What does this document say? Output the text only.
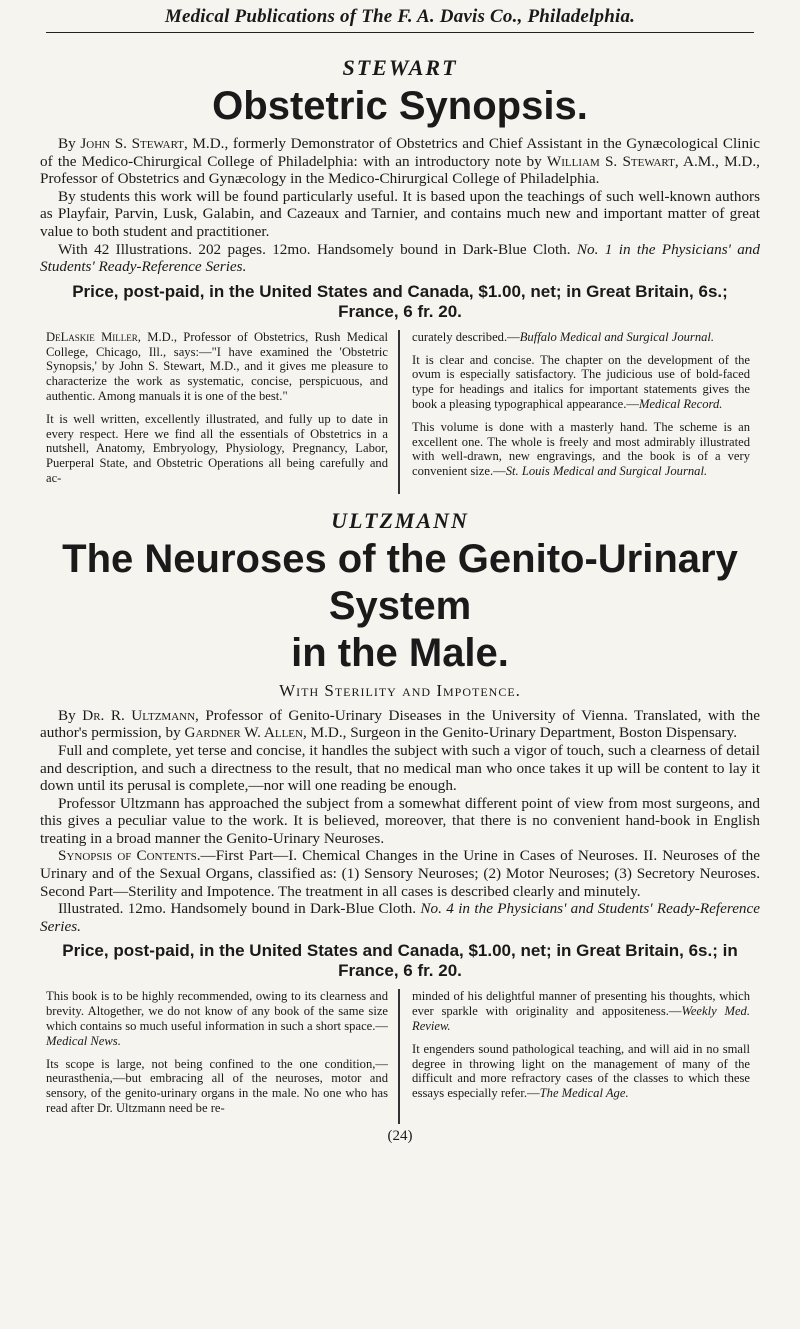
Medical Publications of The F. A. Davis Co., Philadelphia.
STEWART
Obstetric Synopsis.

By John S. Stewart, M.D., formerly Demonstrator of Obstetrics and Chief Assistant in the Gynæcological Clinic of the Medico-Chirurgical College of Philadelphia: with an introductory note by William S. Stewart, A.M., M.D., Professor of Obstetrics and Gynæcology in the Medico-Chirurgical College of Philadelphia.

By students this work will be found particularly useful. It is based upon the teachings of such well-known authors as Playfair, Parvin, Lusk, Galabin, and Cazeaux and Tarnier, and contains much new and important matter of great value to both student and practitioner.

With 42 Illustrations. 202 pages. 12mo. Handsomely bound in Dark-Blue Cloth. No. 1 in the Physicians' and Students' Ready-Reference Series.

Price, post-paid, in the United States and Canada, $1.00, net; in Great Britain, 6s.; France, 6 fr. 20.

DeLaskie Miller, M.D., Professor of Obstetrics, Rush Medical College, Chicago, Ill., says:—"I have examined the 'Obstetric Synopsis,' by John S. Stewart, M.D., and it gives me pleasure to characterize the work as systematic, concise, perspicuous, and authentic. Among manuals it is one of the best."

It is well written, excellently illustrated, and fully up to date in every respect. Here we find all the essentials of Obstetrics in a nutshell, Anatomy, Embryology, Physiology, Pregnancy, Labor, Puerperal State, and Obstetric Operations all being carefully and ac-

curately described.—Buffalo Medical and Surgical Journal.

It is clear and concise. The chapter on the development of the ovum is especially satisfactory. The judicious use of bold-faced type for headings and italics for important statements gives the book a pleasing typographical appearance.—Medical Record.

This volume is done with a masterly hand. The scheme is an excellent one. The whole is freely and most admirably illustrated with well-drawn, new engravings, and the book is of a very convenient size.—St. Louis Medical and Surgical Journal.

ULTZMANN
The Neuroses of the Genito-Urinary System
in the Male.
With Sterility and Impotence.

By Dr. R. Ultzmann, Professor of Genito-Urinary Diseases in the University of Vienna. Translated, with the author's permission, by Gardner W. Allen, M.D., Surgeon in the Genito-Urinary Department, Boston Dispensary.

Full and complete, yet terse and concise, it handles the subject with such a vigor of touch, such a clearness of detail and description, and such a directness to the result, that no medical man who once takes it up will be content to lay it down until its perusal is complete,—nor will one reading be enough.

Professor Ultzmann has approached the subject from a somewhat different point of view from most surgeons, and this gives a peculiar value to the work. It is believed, moreover, that there is no convenient hand-book in English treating in a broad manner the Genito-Urinary Neuroses.

Synopsis of Contents.—First Part—I. Chemical Changes in the Urine in Cases of Neuroses. II. Neuroses of the Urinary and of the Sexual Organs, classified as: (1) Sensory Neuroses; (2) Motor Neuroses; (3) Secretory Neuroses. Second Part—Sterility and Impotence. The treatment in all cases is described clearly and minutely.

Illustrated. 12mo. Handsomely bound in Dark-Blue Cloth. No. 4 in the Physicians' and Students' Ready-Reference Series.

Price, post-paid, in the United States and Canada, $1.00, net; in Great Britain, 6s.; in France, 6 fr. 20.

This book is to be highly recommended, owing to its clearness and brevity. Altogether, we do not know of any book of the same size which contains so much useful information in such a short space.—Medical News.

Its scope is large, not being confined to the one condition,—neurasthenia,—but embracing all of the neuroses, motor and sensory, of the genito-urinary organs in the male. No one who has read after Dr. Ultzmann need be re-

minded of his delightful manner of presenting his thoughts, which ever sparkle with originality and appositeness.—Weekly Med. Review.

It engenders sound pathological teaching, and will aid in no small degree in throwing light on the management of many of the difficult and more refractory cases of the classes to which these essays especially refer.—The Medical Age.

(24)
